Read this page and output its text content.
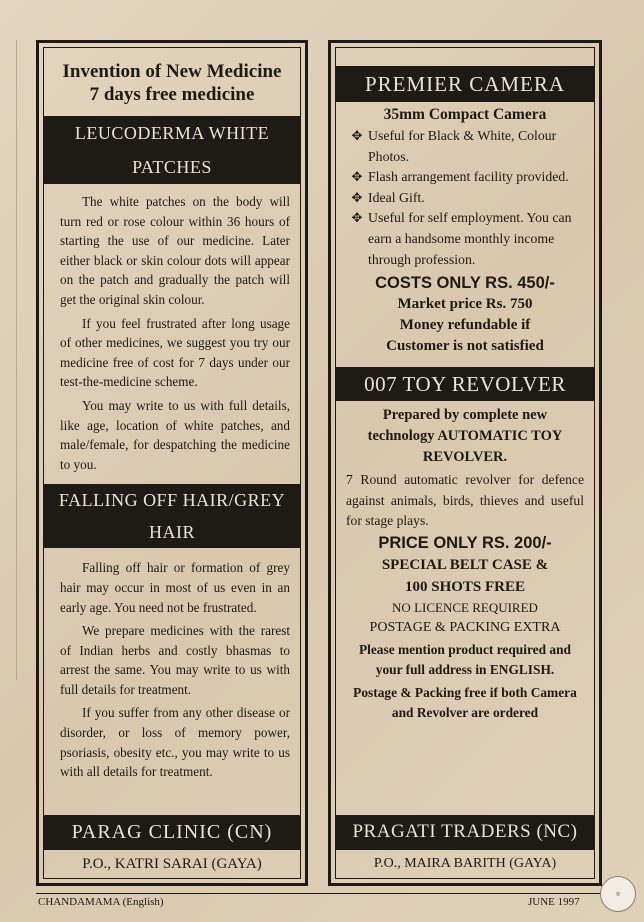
Invention of New Medicine
7 days free medicine
LEUCODERMA WHITE PATCHES

The white patches on the body will turn red or rose colour within 36 hours of starting the use of our medicine. Later either black or skin colour dots will appear on the patch and gradually the patch will get the original skin colour.

If you feel frustrated after long usage of other medicines, we suggest you try our medicine free of cost for 7 days under our test-the-medicine scheme.

You may write to us with full details, like age, location of white patches, and male/female, for despatching the medicine to you.

FALLING OFF HAIR/GREY HAIR

Falling off hair or formation of grey hair may occur in most of us even in an early age. You need not be frustrated.

We prepare medicines with the rarest of Indian herbs and costly bhasmas to arrest the same. You may write to us with full details for treatment.

If you suffer from any other disease or disorder, or loss of memory power, psoriasis, obesity etc., you may write to us with all details for treatment.

PARAG CLINIC (CN)
P.O., KATRI SARAI (GAYA)
PREMIER CAMERA
35mm Compact Camera
✥ Useful for Black & White, Colour Photos.
✥ Flash arrangement facility provided.
✥ Ideal Gift.
✥ Useful for self employment. You can earn a handsome monthly income through profession.
COSTS ONLY RS. 450/-
Market price Rs. 750
Money refundable if
Customer is not satisfied
007 TOY REVOLVER
Prepared by complete new technology AUTOMATIC TOY REVOLVER.

7 Round automatic revolver for defence against animals, birds, thieves and useful for stage plays.

PRICE ONLY RS. 200/-
SPECIAL BELT CASE &
100 SHOTS FREE
NO LICENCE REQUIRED
POSTAGE & PACKING EXTRA
Please mention product required and your full address in ENGLISH.
Postage & Packing free if both Camera and Revolver are ordered
PRAGATI TRADERS (NC)
P.O., MAIRA BARITH (GAYA)
CHANDAMAMA (English)	JUNE 1997
◎
